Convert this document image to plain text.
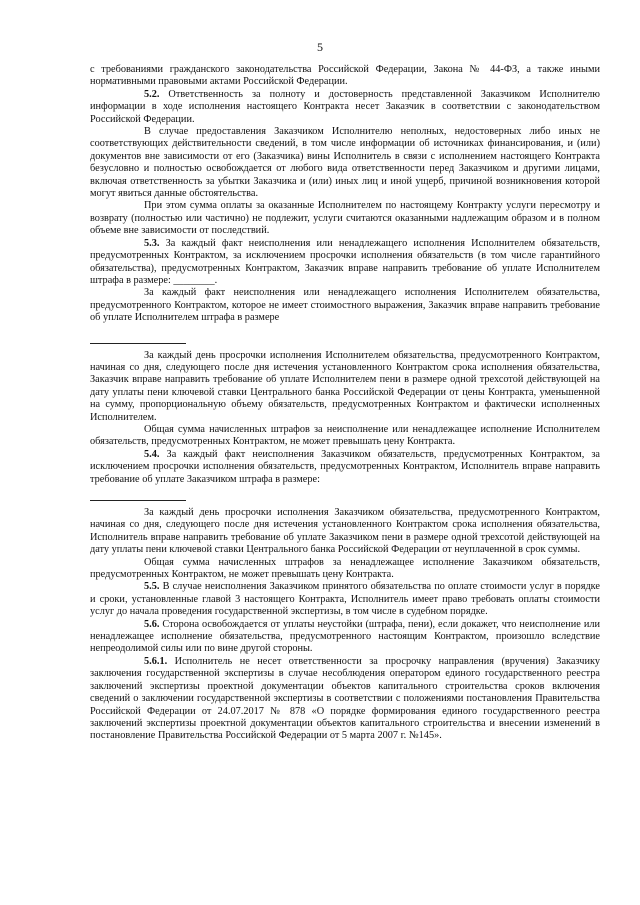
5

с требованиями гражданского законодательства Российской Федерации, Закона № 44-ФЗ, а также иными нормативными правовыми актами Российской Федерации.

5.2. Ответственность за полноту и достоверность представленной Заказчиком Исполнителю информации в ходе исполнения настоящего Контракта несет Заказчик в соответствии с законодательством Российской Федерации.

В случае предоставления Заказчиком Исполнителю неполных, недостоверных либо иных не соответствующих действительности сведений, в том числе информации об источниках финансирования, и (или) документов вне зависимости от его (Заказчика) вины Исполнитель в связи с исполнением настоящего Контракта безусловно и полностью освобождается от любого вида ответственности перед Заказчиком и другими лицами, включая ответственность за убытки Заказчика и (или) иных лиц и иной ущерб, причиной возникновения которой могут явиться данные обстоятельства.

При этом сумма оплаты за оказанные Исполнителем по настоящему Контракту услуги пересмотру и возврату (полностью или частично) не подлежит, услуги считаются оказанными надлежащим образом и в полном объеме вне зависимости от последствий.

5.3. За каждый факт неисполнения или ненадлежащего исполнения Исполнителем обязательств, предусмотренных Контрактом, за исключением просрочки исполнения обязательств (в том числе гарантийного обязательства), предусмотренных Контрактом, Заказчик вправе направить требование об уплате Исполнителем штрафа в размере: ________.

За каждый факт неисполнения или ненадлежащего исполнения Исполнителем обязательства, предусмотренного Контрактом, которое не имеет стоимостного выражения, Заказчик вправе направить требование об уплате Исполнителем штрафа в размере

За каждый день просрочки исполнения Исполнителем обязательства, предусмотренного Контрактом, начиная со дня, следующего после дня истечения установленного Контрактом срока исполнения обязательства, Заказчик вправе направить требование об уплате Исполнителем пени в размере одной трехсотой действующей на дату уплаты пени ключевой ставки Центрального банка Российской Федерации от цены Контракта, уменьшенной на сумму, пропорциональную объему обязательств, предусмотренных Контрактом и фактически исполненных Исполнителем.

Общая сумма начисленных штрафов за неисполнение или ненадлежащее исполнение Исполнителем обязательств, предусмотренных Контрактом, не может превышать цену Контракта.

5.4. За каждый факт неисполнения Заказчиком обязательств, предусмотренных Контрактом, за исключением просрочки исполнения обязательств, предусмотренных Контрактом, Исполнитель вправе направить требование об уплате Заказчиком штрафа в размере:

За каждый день просрочки исполнения Заказчиком обязательства, предусмотренного Контрактом, начиная со дня, следующего после дня истечения установленного Контрактом срока исполнения обязательства, Исполнитель вправе направить требование об уплате Заказчиком пени в размере одной трехсотой действующей на дату уплаты пени ключевой ставки Центрального банка Российской Федерации от неуплаченной в срок суммы.

Общая сумма начисленных штрафов за ненадлежащее исполнение Заказчиком обязательств, предусмотренных Контрактом, не может превышать цену Контракта.

5.5. В случае неисполнения Заказчиком принятого обязательства по оплате стоимости услуг в порядке и сроки, установленные главой 3 настоящего Контракта, Исполнитель имеет право требовать оплаты стоимости услуг до начала проведения государственной экспертизы, в том числе в судебном порядке.

5.6. Сторона освобождается от уплаты неустойки (штрафа, пени), если докажет, что неисполнение или ненадлежащее исполнение обязательства, предусмотренного настоящим Контрактом, произошло вследствие непреодолимой силы или по вине другой стороны.

5.6.1. Исполнитель не несет ответственности за просрочку направления (вручения) Заказчику заключения государственной экспертизы в случае несоблюдения оператором единого государственного реестра заключений экспертизы проектной документации объектов капитального строительства сроков включения сведений о заключении государственной экспертизы в соответствии с положениями постановления Правительства Российской Федерации от 24.07.2017 № 878 «О порядке формирования единого государственного реестра заключений экспертизы проектной документации объектов капитального строительства и внесении изменений в постановление Правительства Российской Федерации от 5 марта 2007 г. №145».
